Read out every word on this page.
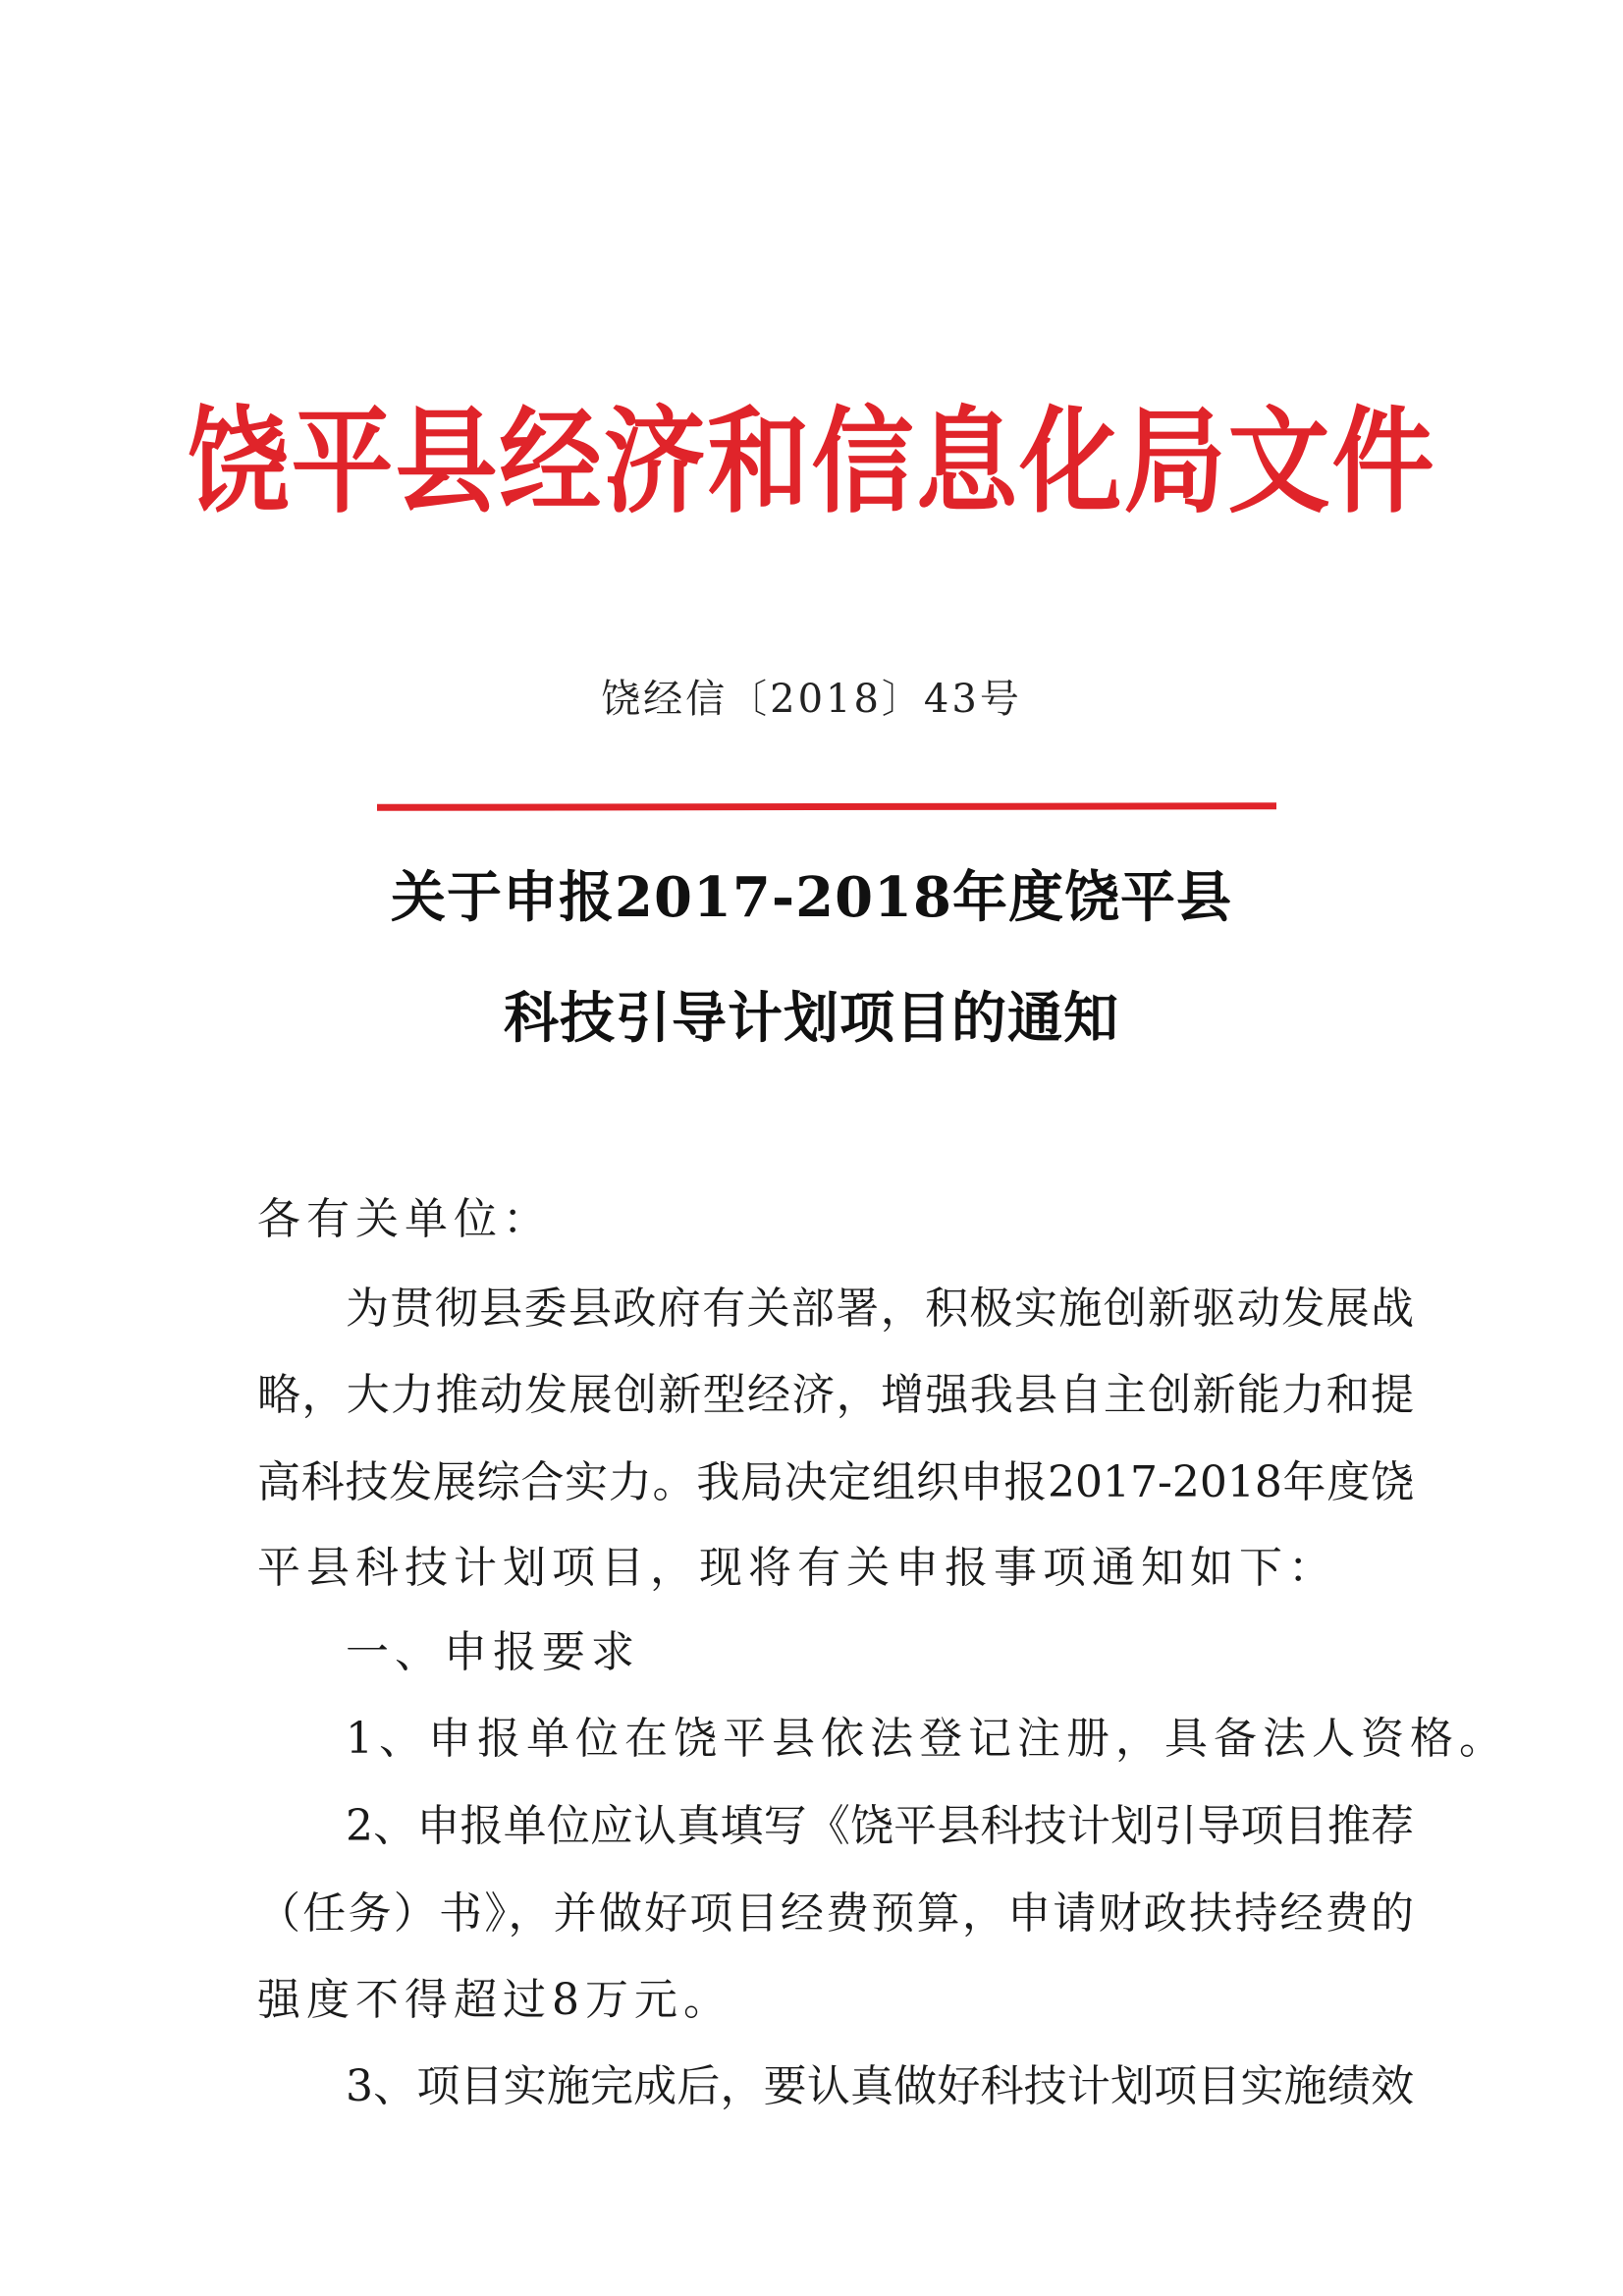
饶平县经济和信息化局文件
饶经信〔2018〕43号
关于申报2017-2018年度饶平县
科技引导计划项目的通知
各有关单位：
为贯彻县委县政府有关部署，积极实施创新驱动发展战
略，大力推动发展创新型经济，增强我县自主创新能力和提
高科技发展综合实力。我局决定组织申报2017-2018年度饶
平县科技计划项目，现将有关申报事项通知如下：
一、申报要求
1、申报单位在饶平县依法登记注册，具备法人资格。
2、申报单位应认真填写《饶平县科技计划引导项目推荐
（任务）书》，并做好项目经费预算，申请财政扶持经费的
强度不得超过8万元。
3、项目实施完成后，要认真做好科技计划项目实施绩效
